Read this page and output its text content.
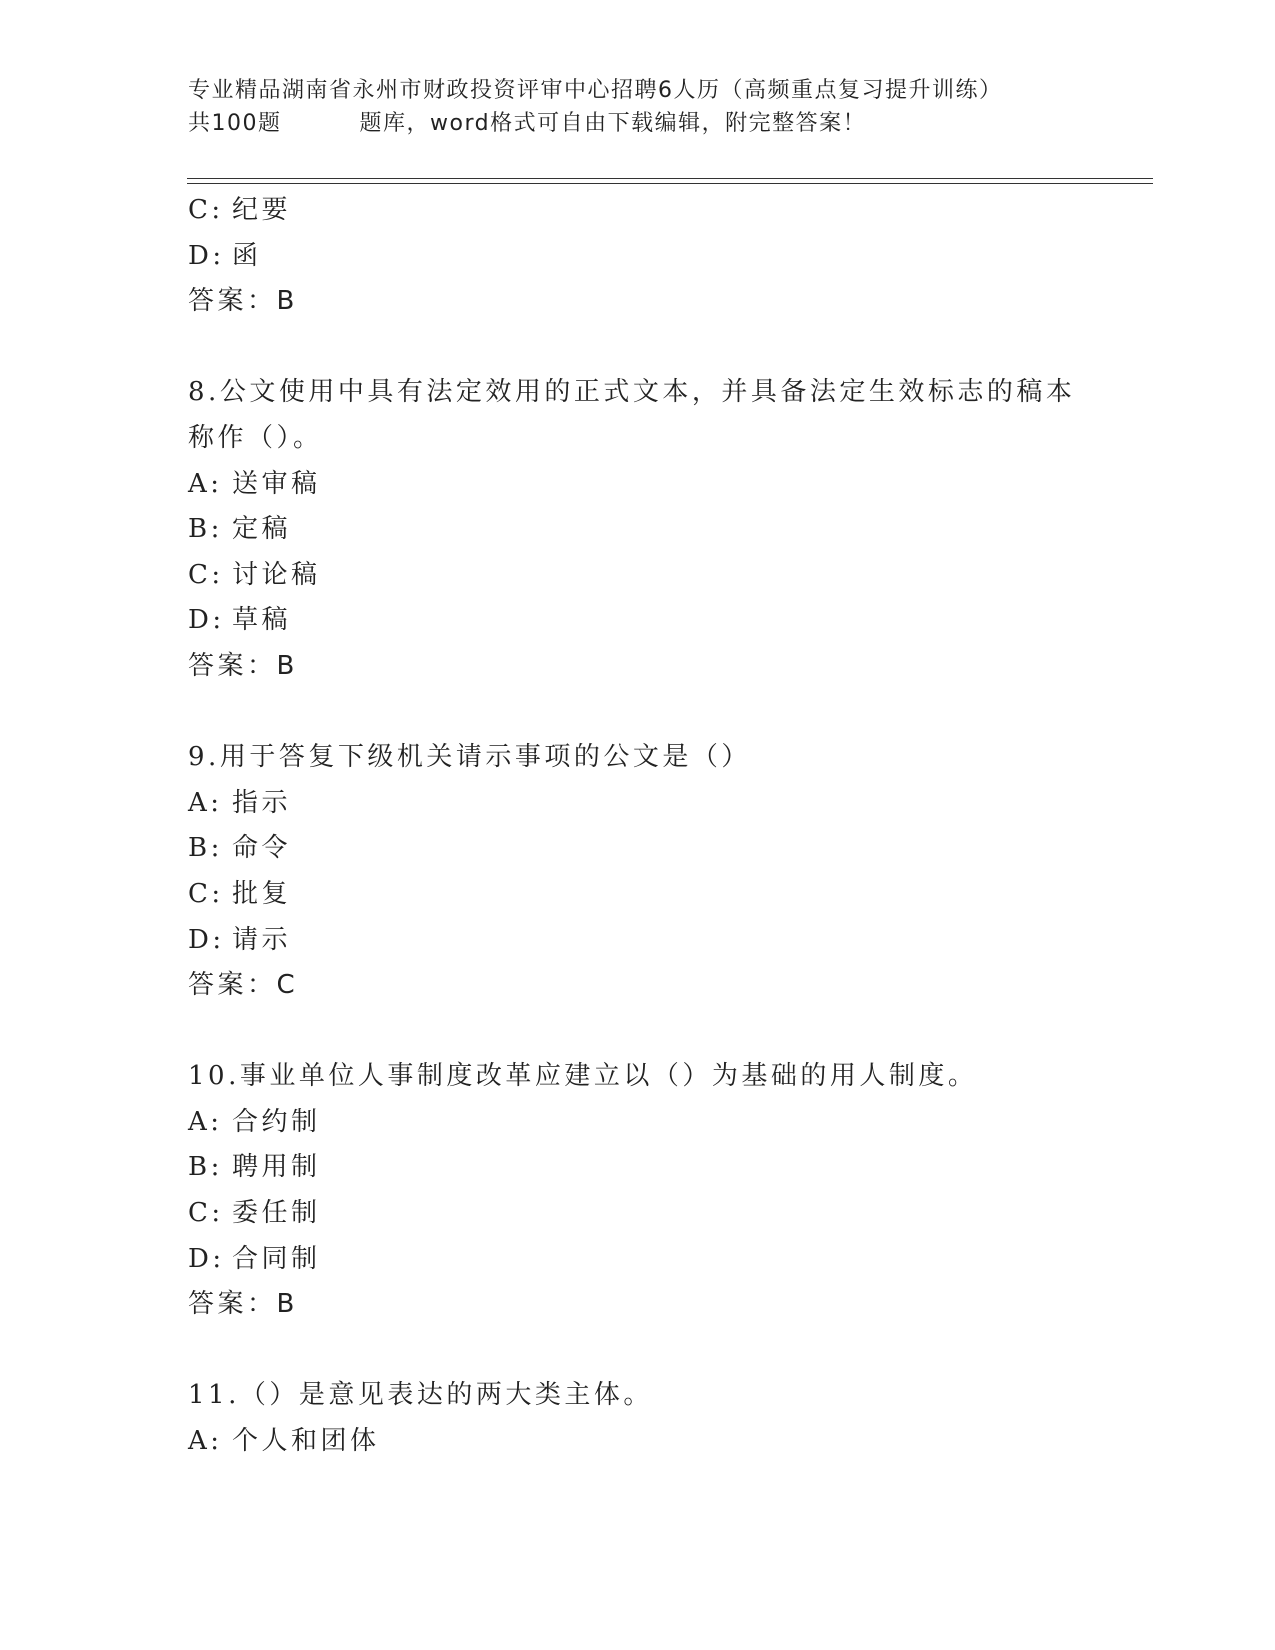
专业精品湖南省永州市财政投资评审中心招聘6人历（高频重点复习提升训练）
共100题	题库，word格式可自由下载编辑，附完整答案！
C: 纪要
D: 函
答案：B
8.公文使用中具有法定效用的正式文本，并具备法定生效标志的稿本
称作（）。
A: 送审稿
B: 定稿
C: 讨论稿
D: 草稿
答案：B
9.用于答复下级机关请示事项的公文是（）
A: 指示
B: 命令
C: 批复
D: 请示
答案：C
10.事业单位人事制度改革应建立以（）为基础的用人制度。
A: 合约制
B: 聘用制
C: 委任制
D: 合同制
答案：B
11.（）是意见表达的两大类主体。
A: 个人和团体
